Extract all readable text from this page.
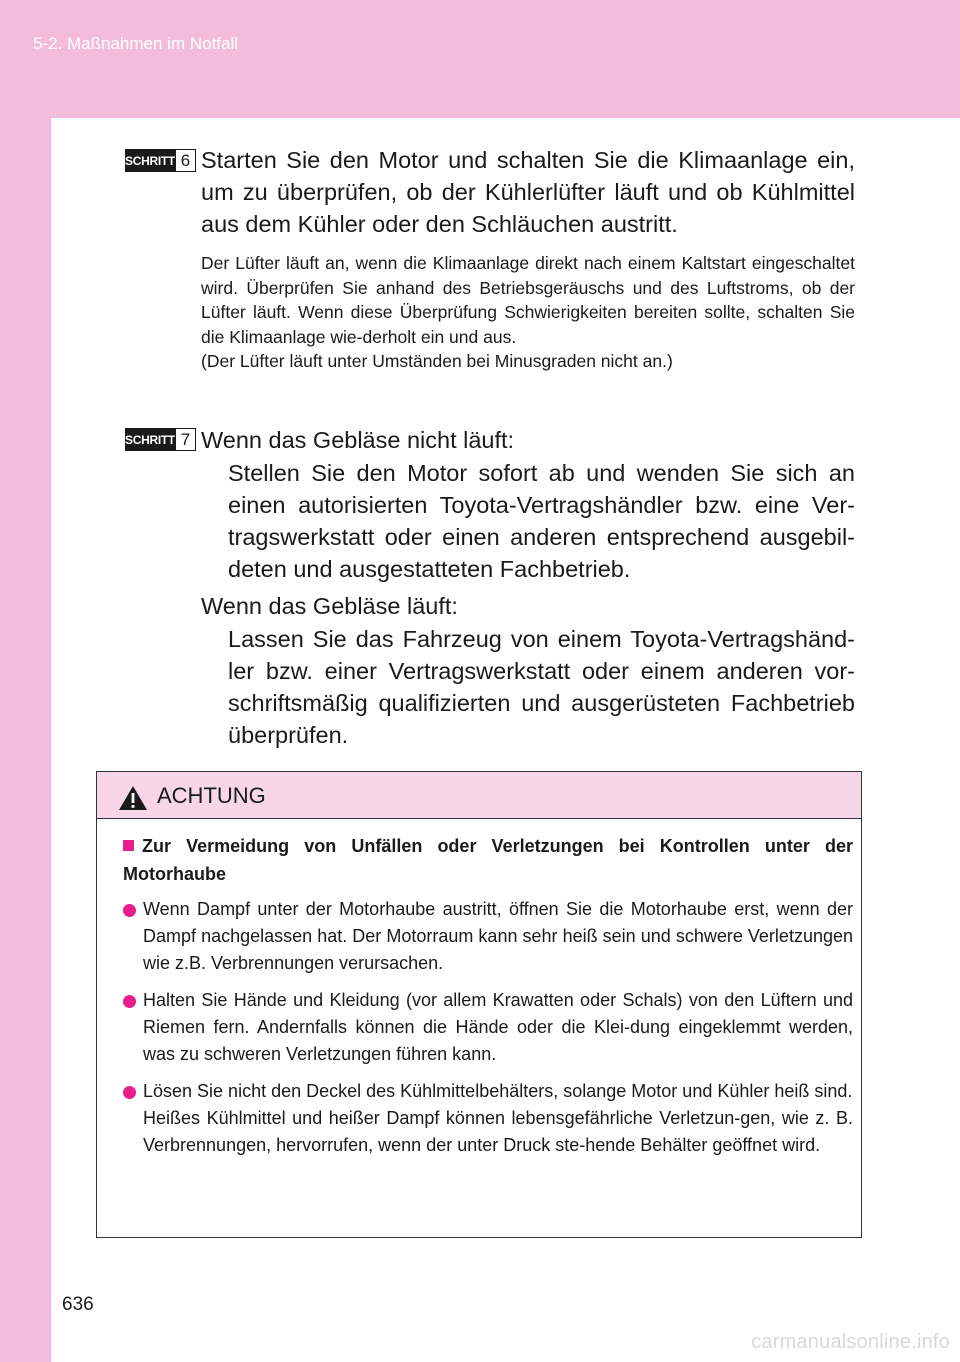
5-2. Maßnahmen im Notfall
SCHRITT 6 Starten Sie den Motor und schalten Sie die Klimaanlage ein, um zu überprüfen, ob der Kühlerlüfter läuft und ob Kühlmittel aus dem Kühler oder den Schläuchen austritt.

Der Lüfter läuft an, wenn die Klimaanlage direkt nach einem Kaltstart eingeschaltet wird. Überprüfen Sie anhand des Betriebsgeräuschs und des Luftstroms, ob der Lüfter läuft. Wenn diese Überprüfung Schwierigkeiten bereiten sollte, schalten Sie die Klimaanlage wie-derholt ein und aus.

(Der Lüfter läuft unter Umständen bei Minusgraden nicht an.)

SCHRITT 7 Wenn das Gebläse nicht läuft:
Stellen Sie den Motor sofort ab und wenden Sie sich an einen autorisierten Toyota-Vertragshändler bzw. eine Ver-tragswerkstatt oder einen anderen entsprechend ausgebil-deten und ausgestatteten Fachbetrieb.
Wenn das Gebläse läuft:
Lassen Sie das Fahrzeug von einem Toyota-Vertragshänd-ler bzw. einer Vertragswerkstatt oder einem anderen vor-schriftsmäßig qualifizierten und ausgerüsteten Fachbetrieb überprüfen.
ACHTUNG
Zur Vermeidung von Unfällen oder Verletzungen bei Kontrollen unter der Motorhaube
Wenn Dampf unter der Motorhaube austritt, öffnen Sie die Motorhaube erst, wenn der Dampf nachgelassen hat. Der Motorraum kann sehr heiß sein und schwere Verletzungen wie z.B. Verbrennungen verursachen.
Halten Sie Hände und Kleidung (vor allem Krawatten oder Schals) von den Lüftern und Riemen fern. Andernfalls können die Hände oder die Klei-dung eingeklemmt werden, was zu schweren Verletzungen führen kann.
Lösen Sie nicht den Deckel des Kühlmittelbehälters, solange Motor und Kühler heiß sind.
Heißes Kühlmittel und heißer Dampf können lebensgefährliche Verletzun-gen, wie z. B. Verbrennungen, hervorrufen, wenn der unter Druck ste-hende Behälter geöffnet wird.
636
carmanualsonline.info
